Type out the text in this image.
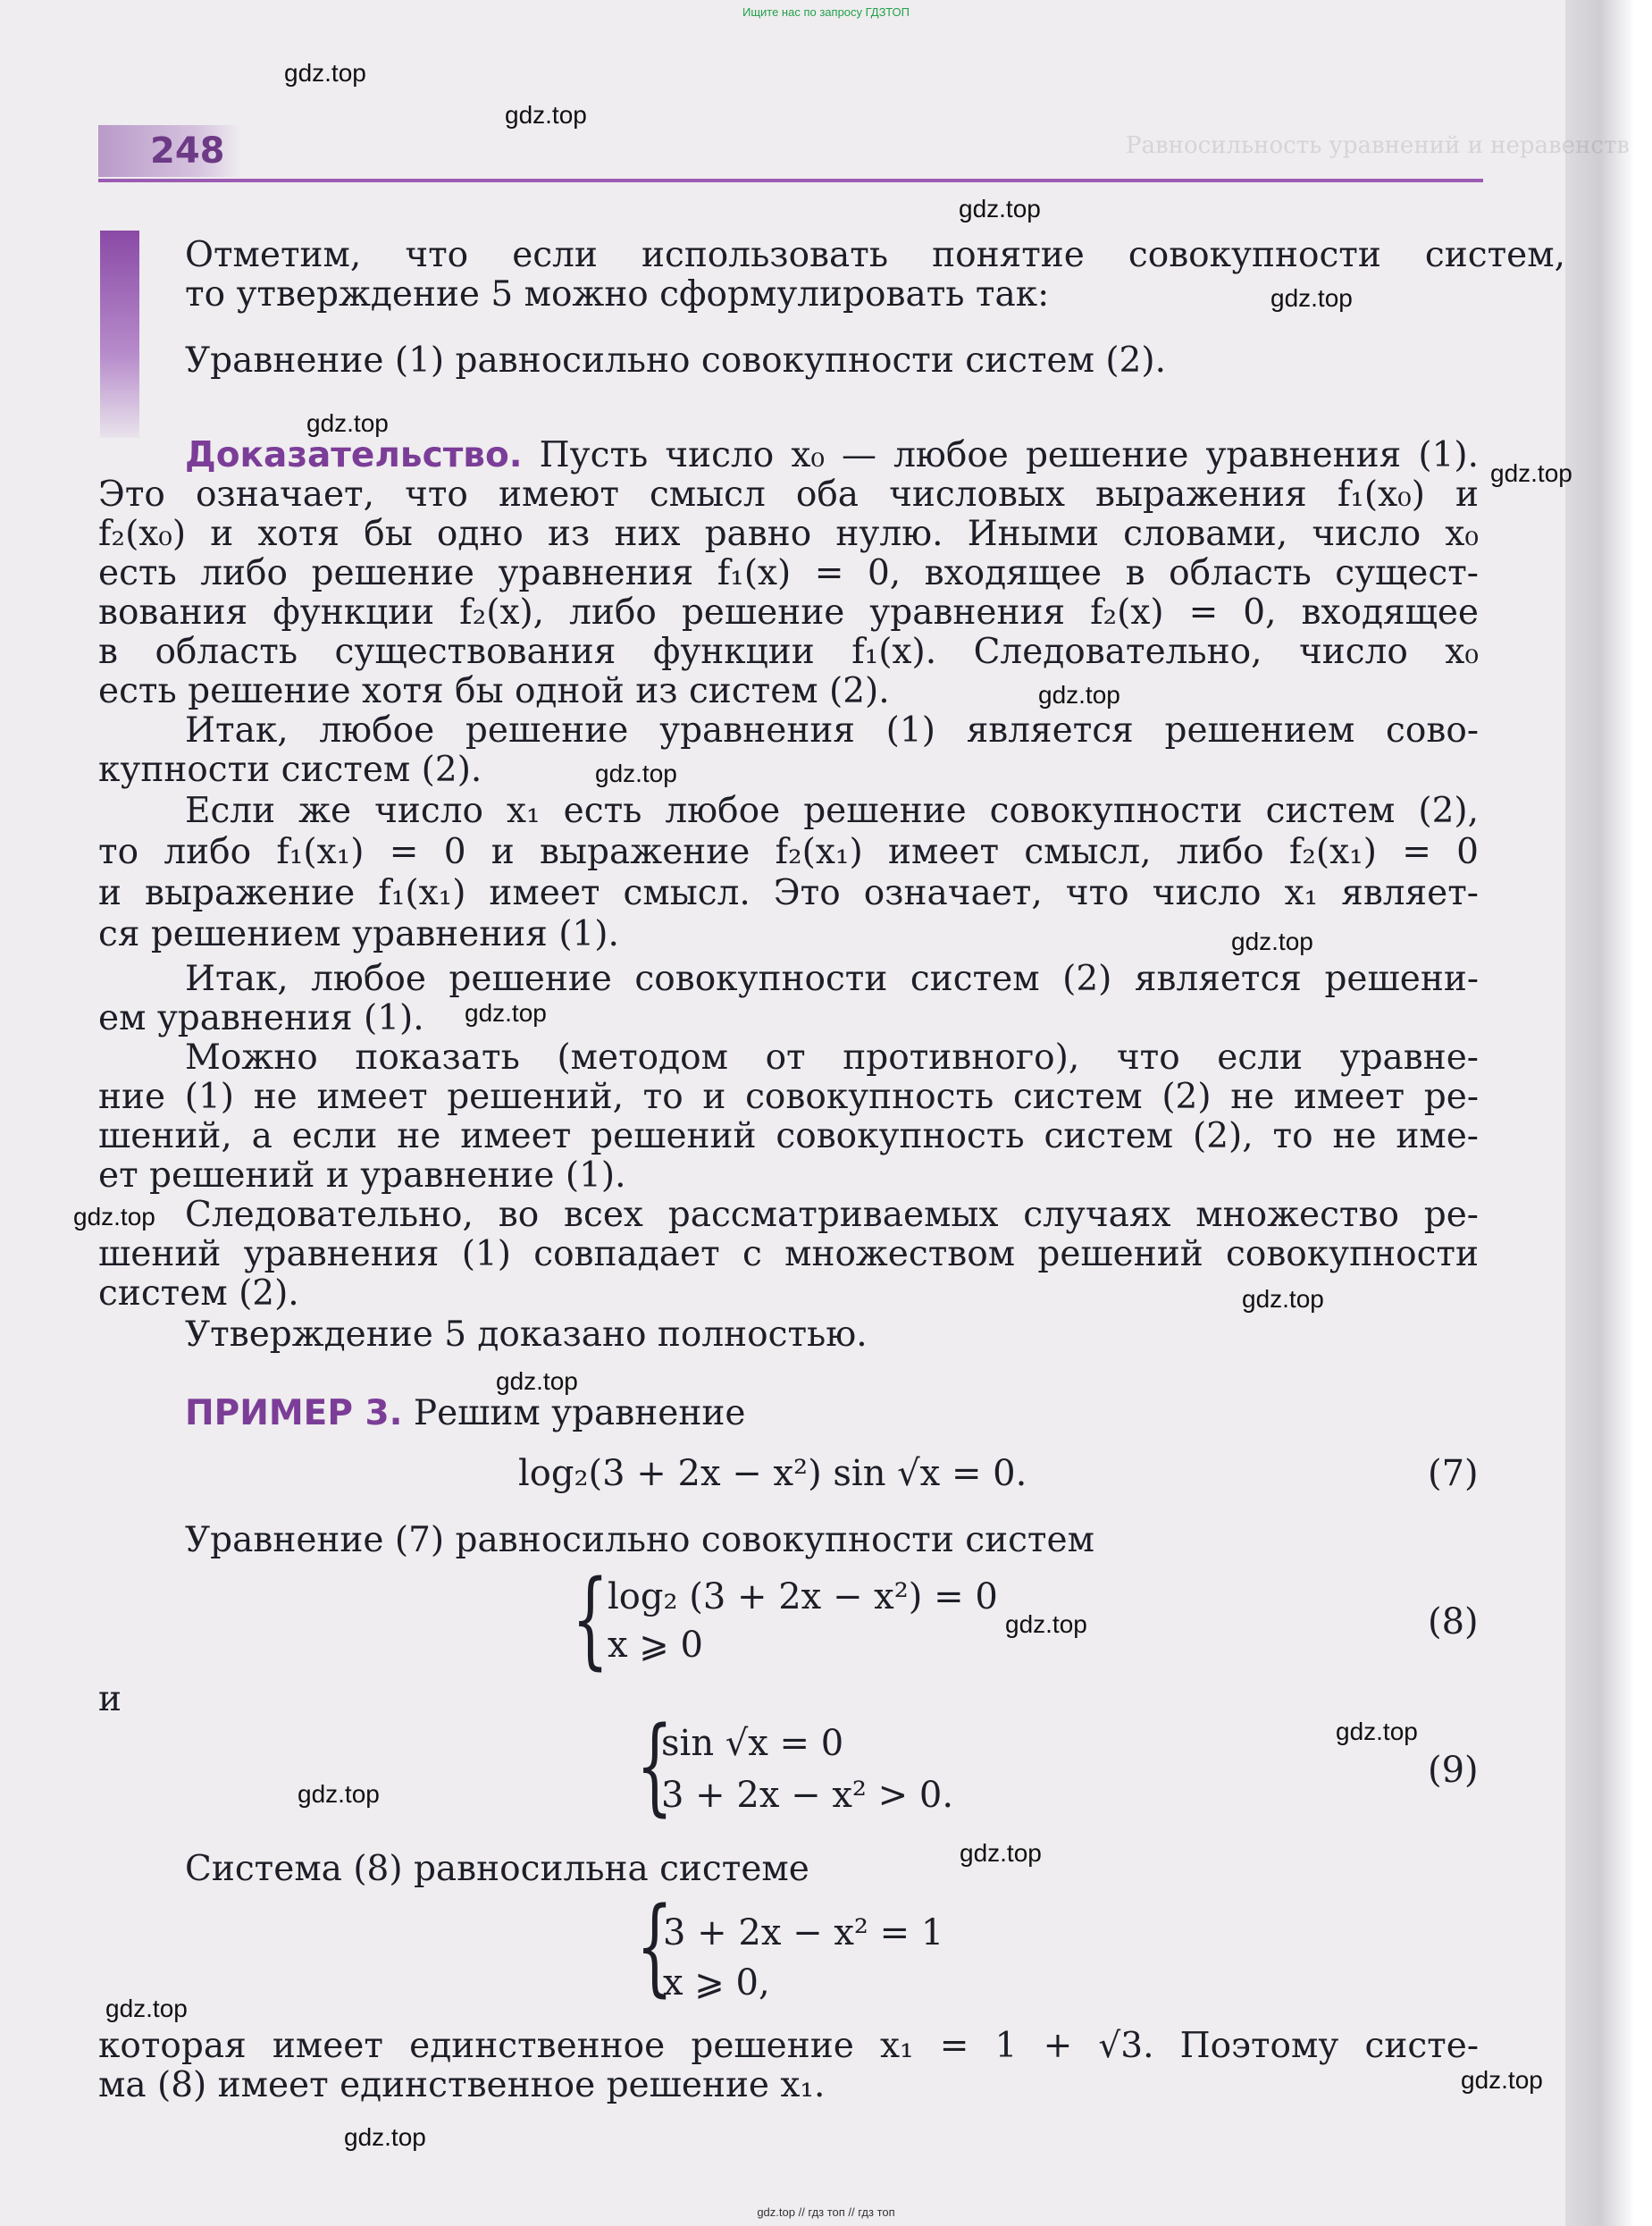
Ищите нас по запросу ГДЗТОП
248	Равносильность уравнений и неравенств
Отметим, что если использовать понятие совокупности систем,
то утверждение 5 можно сформулировать так:
Уравнение (1) равносильно совокупности систем (2).
Доказательство. Пусть число x₀ — любое решение уравнения (1).
Это означает, что имеют смысл оба числовых выражения f₁(x₀) и
f₂(x₀) и хотя бы одно из них равно нулю. Иными словами, число x₀
есть либо решение уравнения f₁(x) = 0, входящее в область сущест-
вования функции f₂(x), либо решение уравнения f₂(x) = 0, входящее
в область существования функции f₁(x). Следовательно, число x₀
есть решение хотя бы одной из систем (2).
Итак, любое решение уравнения (1) является решением сово-
купности систем (2).
Если же число x₁ есть любое решение совокупности систем (2),
то либо f₁(x₁) = 0 и выражение f₂(x₁) имеет смысл, либо f₂(x₁) = 0
и выражение f₁(x₁) имеет смысл. Это означает, что число x₁ являет-
ся решением уравнения (1).
Итак, любое решение совокупности систем (2) является решени-
ем уравнения (1).
Можно показать (методом от противного), что если уравне-
ние (1) не имеет решений, то и совокупность систем (2) не имеет ре-
шений, а если не имеет решений совокупность систем (2), то не име-
ет решений и уравнение (1).
Следовательно, во всех рассматриваемых случаях множество ре-
шений уравнения (1) совпадает с множеством решений совокупности
систем (2).
Утверждение 5 доказано полностью.
ПРИМЕР 3. Решим уравнение
log₂(3 + 2x − x²) sin √x = 0.	(7)
Уравнение (7) равносильно совокупности систем
{
log₂ (3 + 2x − x²) = 0
x ⩾ 0
(8)
и
{
sin √x = 0
3 + 2x − x² > 0.
(9)
Система (8) равносильна системе
{
3 + 2x − x² = 1
x ⩾ 0,
которая имеет единственное решение x₁ = 1 + √3. Поэтому систе-
ма (8) имеет единственное решение x₁.
gdz.top
gdz.top
gdz.top
gdz.top
gdz.top
gdz.top
gdz.top
gdz.top
gdz.top
gdz.top
gdz.top
gdz.top
gdz.top
gdz.top
gdz.top
gdz.top
gdz.top
gdz.top
gdz.top
gdz.top
gdz.top // гдз топ // гдз топ
